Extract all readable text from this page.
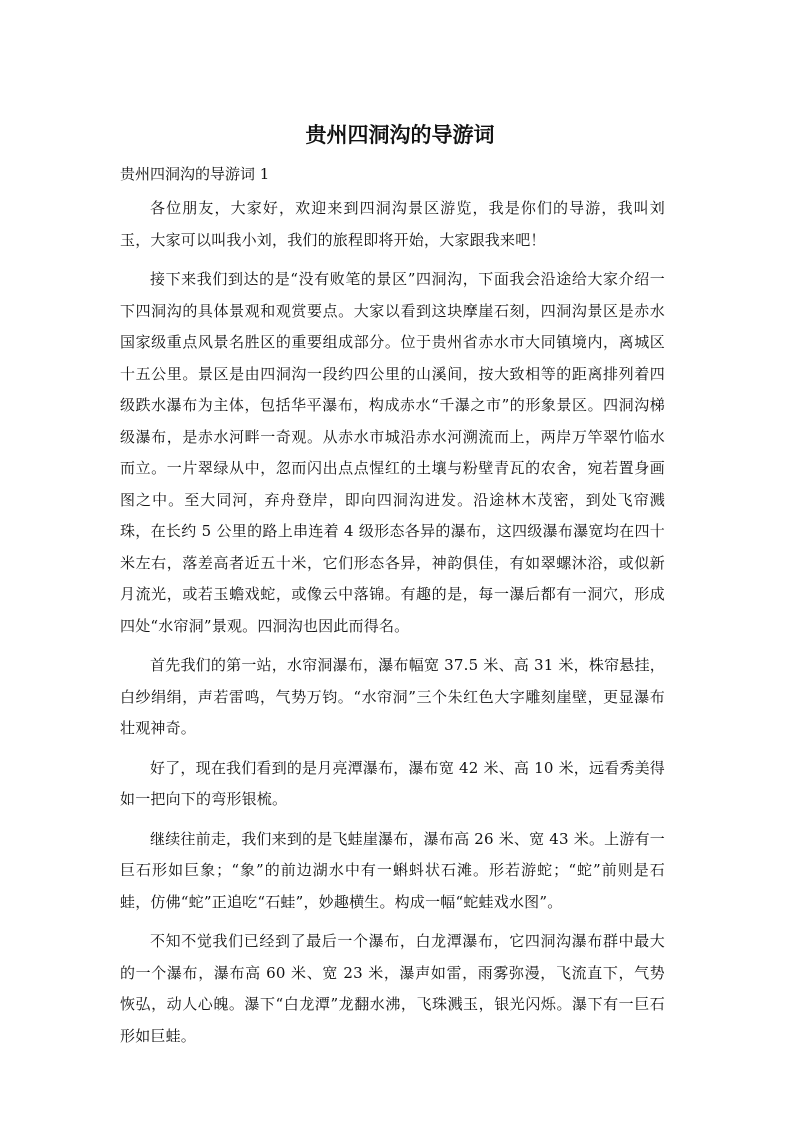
贵州四洞沟的导游词

贵州四洞沟的导游词 1

各位朋友，大家好，欢迎来到四洞沟景区游览，我是你们的导游，我叫刘玉，大家可以叫我小刘，我们的旅程即将开始，大家跟我来吧！

接下来我们到达的是“没有败笔的景区”四洞沟，下面我会沿途给大家介绍一下四洞沟的具体景观和观赏要点。大家以看到这块摩崖石刻，四洞沟景区是赤水国家级重点风景名胜区的重要组成部分。位于贵州省赤水市大同镇境内，离城区十五公里。景区是由四洞沟一段约四公里的山溪间，按大致相等的距离排列着四级跌水瀑布为主体，包括华平瀑布，构成赤水“千瀑之市”的形象景区。四洞沟梯级瀑布，是赤水河畔一奇观。从赤水市城沿赤水河溯流而上，两岸万竿翠竹临水而立。一片翠绿从中，忽而闪出点点惺红的土壤与粉壁青瓦的农舍，宛若置身画图之中。至大同河，弃舟登岸，即向四洞沟进发。沿途林木茂密，到处飞帘溅珠，在长约 5 公里的路上串连着 4 级形态各异的瀑布，这四级瀑布瀑宽均在四十米左右，落差高者近五十米，它们形态各异，神韵俱佳，有如翠螺沐浴，或似新月流光，或若玉蟾戏蛇，或像云中落锦。有趣的是，每一瀑后都有一洞穴，形成四处“水帘洞”景观。四洞沟也因此而得名。

首先我们的第一站，水帘洞瀑布，瀑布幅宽 37.5 米、高 31 米，株帘悬挂，白纱绢绢，声若雷鸣，气势万钧。“水帘洞”三个朱红色大字雕刻崖壁，更显瀑布壮观神奇。

好了，现在我们看到的是月亮潭瀑布，瀑布宽 42 米、高 10 米，远看秀美得如一把向下的弯形银梳。

继续往前走，我们来到的是飞蛙崖瀑布，瀑布高 26 米、宽 43 米。上游有一巨石形如巨象；“象”的前边湖水中有一蝌蚪状石滩。形若游蛇；“蛇”前则是石蛙，仿佛“蛇”正追吃“石蛙”，妙趣横生。构成一幅“蛇蛙戏水图”。

不知不觉我们已经到了最后一个瀑布，白龙潭瀑布，它四洞沟瀑布群中最大的一个瀑布，瀑布高 60 米、宽 23 米，瀑声如雷，雨雾弥漫，飞流直下，气势恢弘，动人心魄。瀑下“白龙潭”龙翻水沸，飞珠溅玉，银光闪烁。瀑下有一巨石形如巨蛙。
